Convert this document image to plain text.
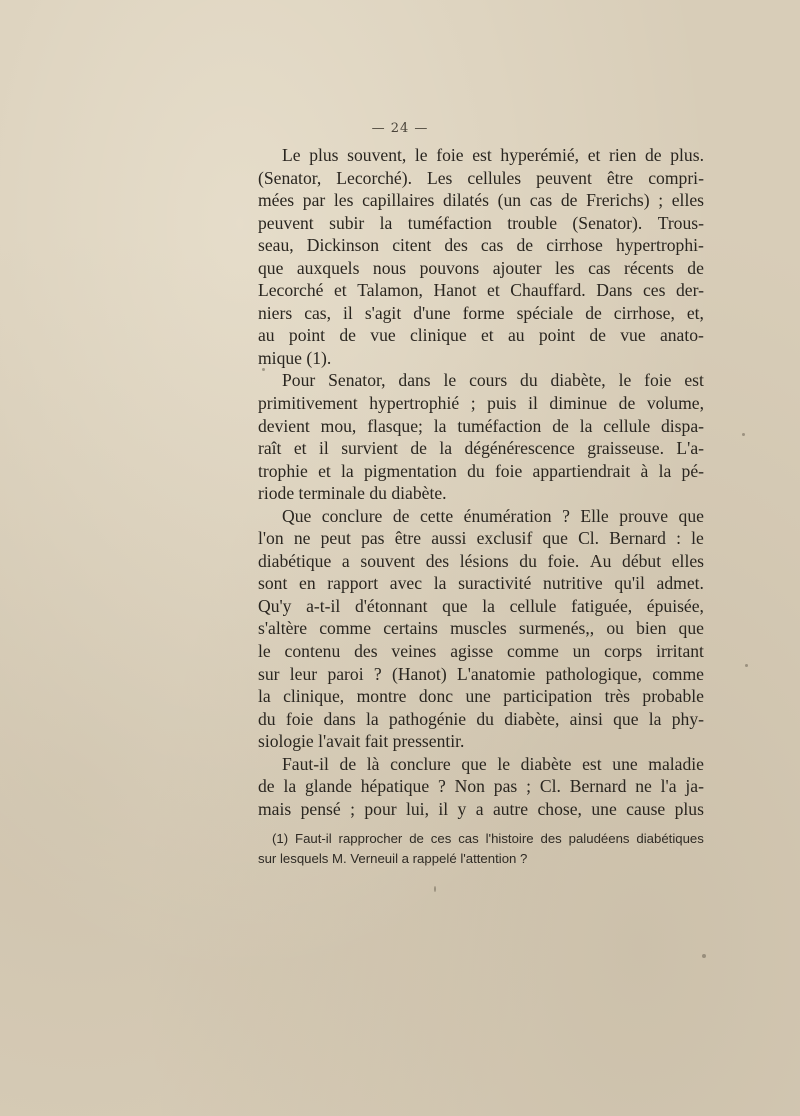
— 24 —
Le plus souvent, le foie est hyperémié, et rien de plus.
(Senator, Lecorché). Les cellules peuvent être compri-
mées par les capillaires dilatés (un cas de Frerichs) ; elles
peuvent subir la tuméfaction trouble (Senator). Trous-
seau, Dickinson citent des cas de cirrhose hypertrophi-
que auxquels nous pouvons ajouter les cas récents de
Lecorché et Talamon, Hanot et Chauffard. Dans ces der-
niers cas, il s'agit d'une forme spéciale de cirrhose, et,
au point de vue clinique et au point de vue anato-
mique (1).
Pour Senator, dans le cours du diabète, le foie est
primitivement hypertrophié ; puis il diminue de volume,
devient mou, flasque; la tuméfaction de la cellule dispa-
raît et il survient de la dégénérescence graisseuse. L'a-
trophie et la pigmentation du foie appartiendrait à la pé-
riode terminale du diabète.
Que conclure de cette énumération ? Elle prouve que
l'on ne peut pas être aussi exclusif que Cl. Bernard : le
diabétique a souvent des lésions du foie. Au début elles
sont en rapport avec la suractivité nutritive qu'il admet.
Qu'y a-t-il d'étonnant que la cellule fatiguée, épuisée,
s'altère comme certains muscles surmenés,, ou bien que
le contenu des veines agisse comme un corps irritant
sur leur paroi ? (Hanot) L'anatomie pathologique, comme
la clinique, montre donc une participation très probable
du foie dans la pathogénie du diabète, ainsi que la phy-
siologie l'avait fait pressentir.
Faut-il de là conclure que le diabète est une maladie
de la glande hépatique ? Non pas ; Cl. Bernard ne l'a ja-
mais pensé ; pour lui, il y a autre chose, une cause plus
(1) Faut-il rapprocher de ces cas l'histoire des paludéens diabétiques
sur lesquels M. Verneuil a rappelé l'attention ?
